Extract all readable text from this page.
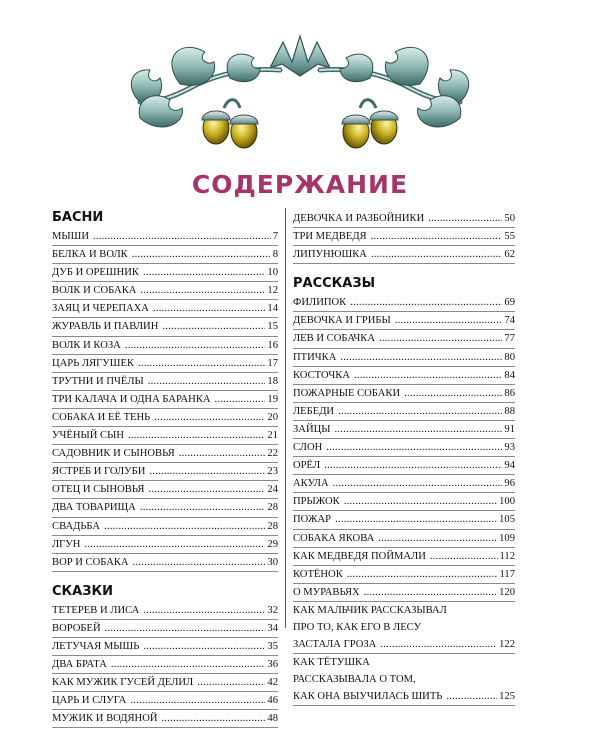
СОДЕРЖАНИЕ
БАСНИ
МЫШИ . . .	7
БЕЛКА И ВОЛК . . .	8
ДУБ И ОРЕШНИК . . .	10
ВОЛК И СОБАКА . . .	12
ЗАЯЦ И ЧЕРЕПАХА . . .	14
ЖУРАВЛЬ И ПАВЛИН . . .	15
ВОЛК И КОЗА . . .	16
ЦАРЬ ЛЯГУШЕК . . .	17
ТРУТНИ И ПЧЁЛЫ . . .	18
ТРИ КАЛАЧА И ОДНА БАРАНКА . . .	19
СОБАКА И ЕЁ ТЕНЬ . . .	20
УЧЁНЫЙ СЫН . . .	21
САДОВНИК И СЫНОВЬЯ . . .	22
ЯСТРЕБ И ГОЛУБИ . . .	23
ОТЕЦ И СЫНОВЬЯ . . .	24
ДВА ТОВАРИЩА . . .	28
СВАДЬБА . . .	28
ЛГУН . . .	29
ВОР И СОБАКА . . .	30
СКАЗКИ
ТЕТЕРЕВ И ЛИСА . . .	32
ВОРОБЕЙ . . .	34
ЛЕТУЧАЯ МЫШЬ . . .	35
ДВА БРАТА . . .	36
КАК МУЖИК ГУСЕЙ ДЕЛИЛ . . .	42
ЦАРЬ И СЛУГА . . .	46
МУЖИК И ВОДЯНОЙ . . .	48
ДЕВОЧКА И РАЗБОЙНИКИ . . .	50
ТРИ МЕДВЕДЯ . . .	55
ЛИПУНЮШКА . . .	62
РАССКАЗЫ
ФИЛИПОК . . .	69
ДЕВОЧКА И ГРИБЫ . . .	74
ЛЕВ И СОБАЧКА . . .	77
ПТИЧКА . . .	80
КОСТОЧКА . . .	84
ПОЖАРНЫЕ СОБАКИ . . .	86
ЛЕБЕДИ . . .	88
ЗАЙЦЫ . . .	91
СЛОН . . .	93
ОРЁЛ . . .	94
АКУЛА . . .	96
ПРЫЖОК . . .	100
ПОЖАР . . .	105
СОБАКА ЯКОВА . . .	109
КАК МЕДВЕДЯ ПОЙМАЛИ . . .	112
КОТЁНОК . . .	117
О МУРАВЬЯХ . . .	120
КАК МАЛЬЧИК РАССКАЗЫВАЛ
ПРО ТО, КАК ЕГО В ЛЕСУ
ЗАСТАЛА ГРОЗА . . .	122
КАК ТЁТУШКА
РАССКАЗЫВАЛА О ТОМ,
КАК ОНА ВЫУЧИЛАСЬ ШИТЬ . . .	125
